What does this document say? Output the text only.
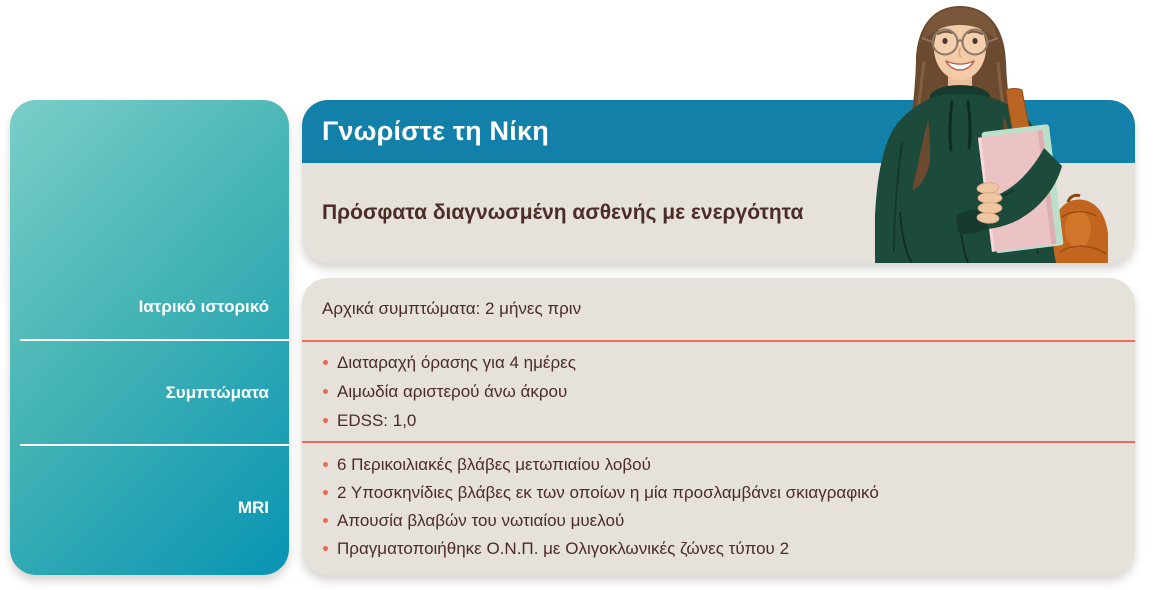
Ιατρικό ιστορικό
Συμπτώματα
MRI
Γνωρίστε τη Νίκη
Πρόσφατα διαγνωσμένη ασθενής με ενεργότητα
Αρχικά συμπτώματα: 2 μήνες πριν
Διαταραχή όρασης για 4 ημέρες
Αιμωδία αριστερού άνω άκρου
EDSS: 1,0
6 Περικοιλιακές βλάβες μετωπιαίου λοβού
2 Υποσκηνίδιες βλάβες εκ των οποίων η μία προσλαμβάνει σκιαγραφικό
Απουσία βλαβών του νωτιαίου μυελού
Πραγματοποιήθηκε Ο.Ν.Π. με Ολιγοκλωνικές ζώνες τύπου 2
